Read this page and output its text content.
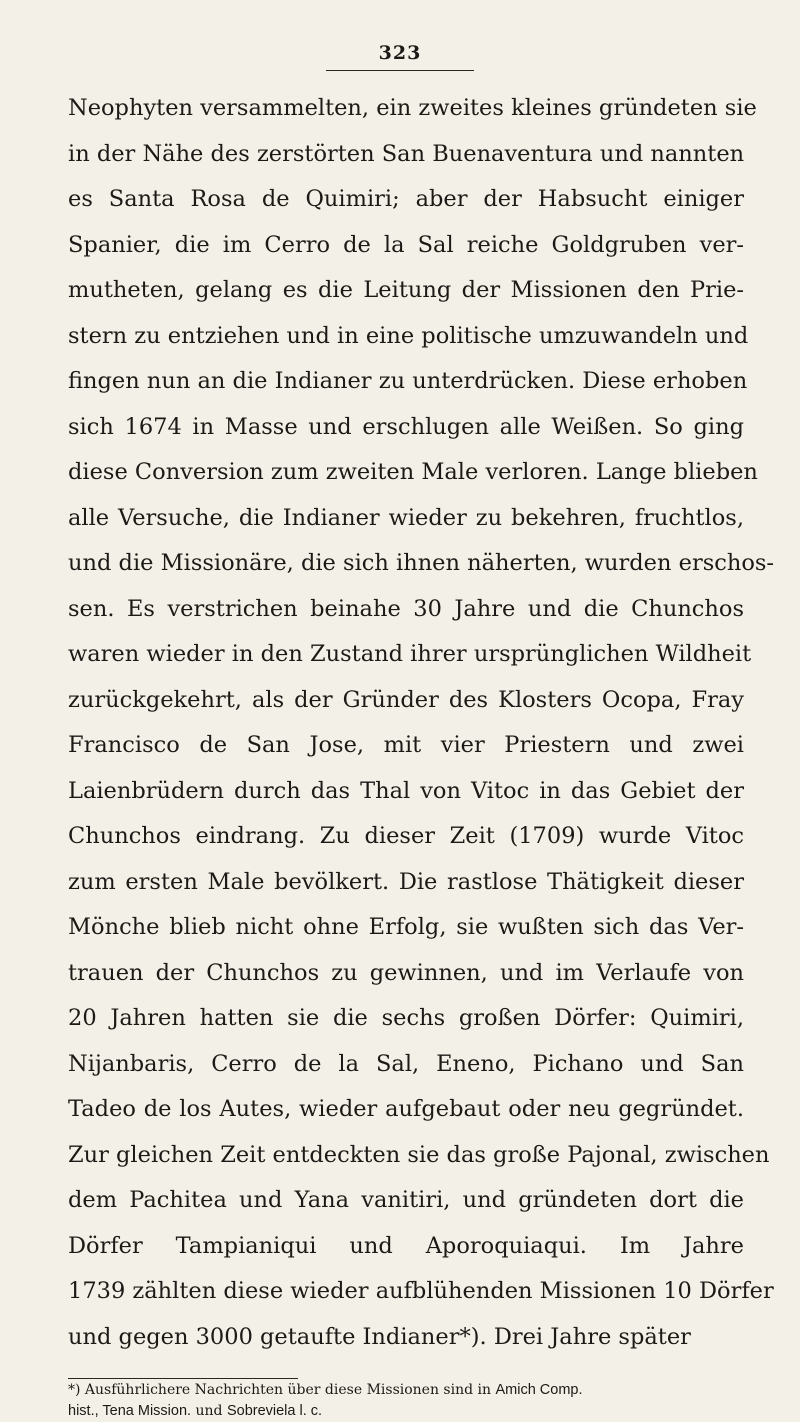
323
Neophyten versammelten, ein zweites kleines gründeten sie
in der Nähe des zerstörten San Buenaventura und nannten
es Santa Rosa de Quimiri; aber der Habsucht einiger
Spanier, die im Cerro de la Sal reiche Goldgruben ver-
mutheten, gelang es die Leitung der Missionen den Prie-
stern zu entziehen und in eine politische umzuwandeln und
fingen nun an die Indianer zu unterdrücken. Diese erhoben
sich 1674 in Masse und erschlugen alle Weißen. So ging
diese Conversion zum zweiten Male verloren. Lange blieben
alle Versuche, die Indianer wieder zu bekehren, fruchtlos,
und die Missionäre, die sich ihnen näherten, wurden erschos-
sen. Es verstrichen beinahe 30 Jahre und die Chunchos
waren wieder in den Zustand ihrer ursprünglichen Wildheit
zurückgekehrt, als der Gründer des Klosters Ocopa, Fray
Francisco de San Jose, mit vier Priestern und zwei
Laienbrüdern durch das Thal von Vitoc in das Gebiet der
Chunchos eindrang. Zu dieser Zeit (1709) wurde Vitoc
zum ersten Male bevölkert. Die rastlose Thätigkeit dieser
Mönche blieb nicht ohne Erfolg, sie wußten sich das Ver-
trauen der Chunchos zu gewinnen, und im Verlaufe von
20 Jahren hatten sie die sechs großen Dörfer: Quimiri,
Nijanbaris, Cerro de la Sal, Eneno, Pichano und San
Tadeo de los Autes, wieder aufgebaut oder neu gegründet.
Zur gleichen Zeit entdeckten sie das große Pajonal, zwischen
dem Pachitea und Yana vanitiri, und gründeten dort die
Dörfer Tampianiqui und Aporoquiaqui. Im Jahre
1739 zählten diese wieder aufblühenden Missionen 10 Dörfer
und gegen 3000 getaufte Indianer*). Drei Jahre später
*) Ausführlichere Nachrichten über diese Missionen sind in Amich Comp.
hist., Tena Mission. und Sobreviela l. c.
